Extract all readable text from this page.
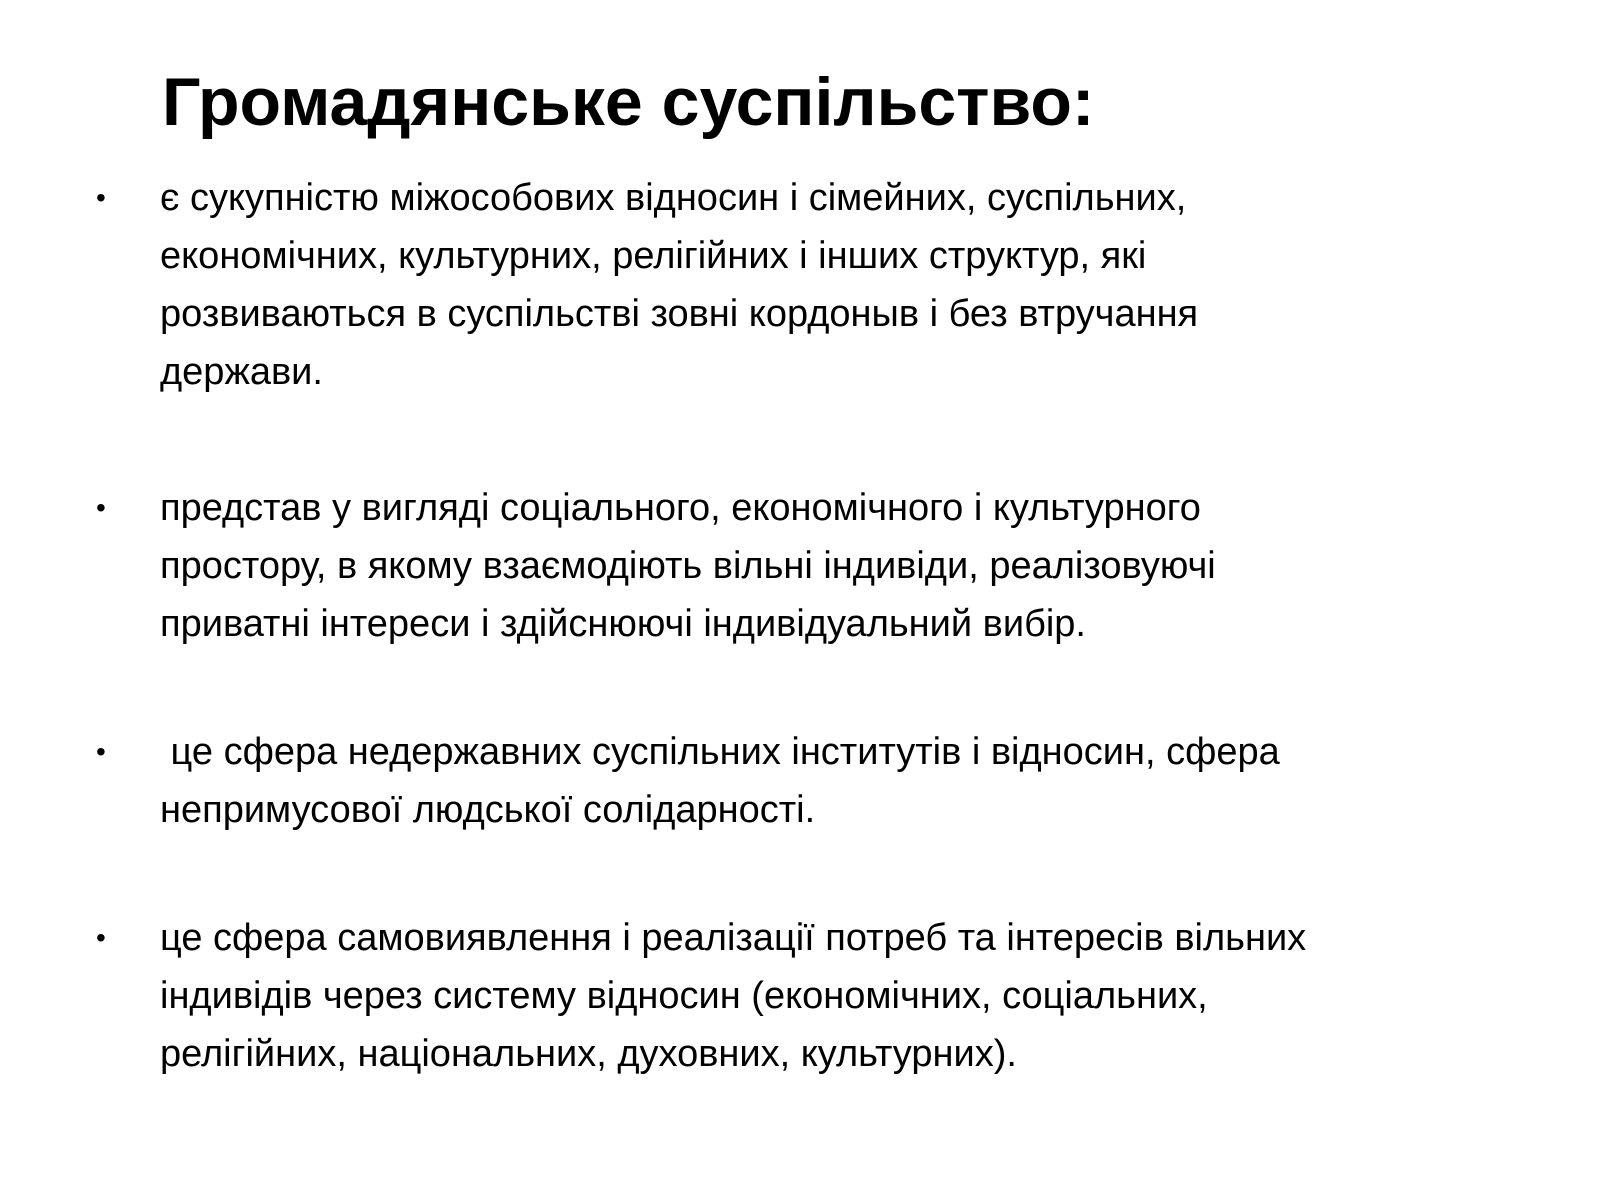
Громадянське суспільство:
• є сукупністю міжособових відносин і сімейних, суспільних,
економічних, культурних, релігійних і інших структур, які
розвиваються в суспільстві зовні кордоныв і без втручання
держави.
• представ у вигляді соціального, економічного і культурного
простору, в якому взаємодіють вільні індивіди, реалізовуючі
приватні інтереси і здійснюючі індивідуальний вибір.
• це сфера недержавних суспільних інститутів і відносин, сфера
непримусової людської солідарності.
• це сфера самовиявлення і реалізації потреб та інтересів вільних
індивідів через систему відносин (економічних, соціальних,
релігійних, національних, духовних, культурних).
